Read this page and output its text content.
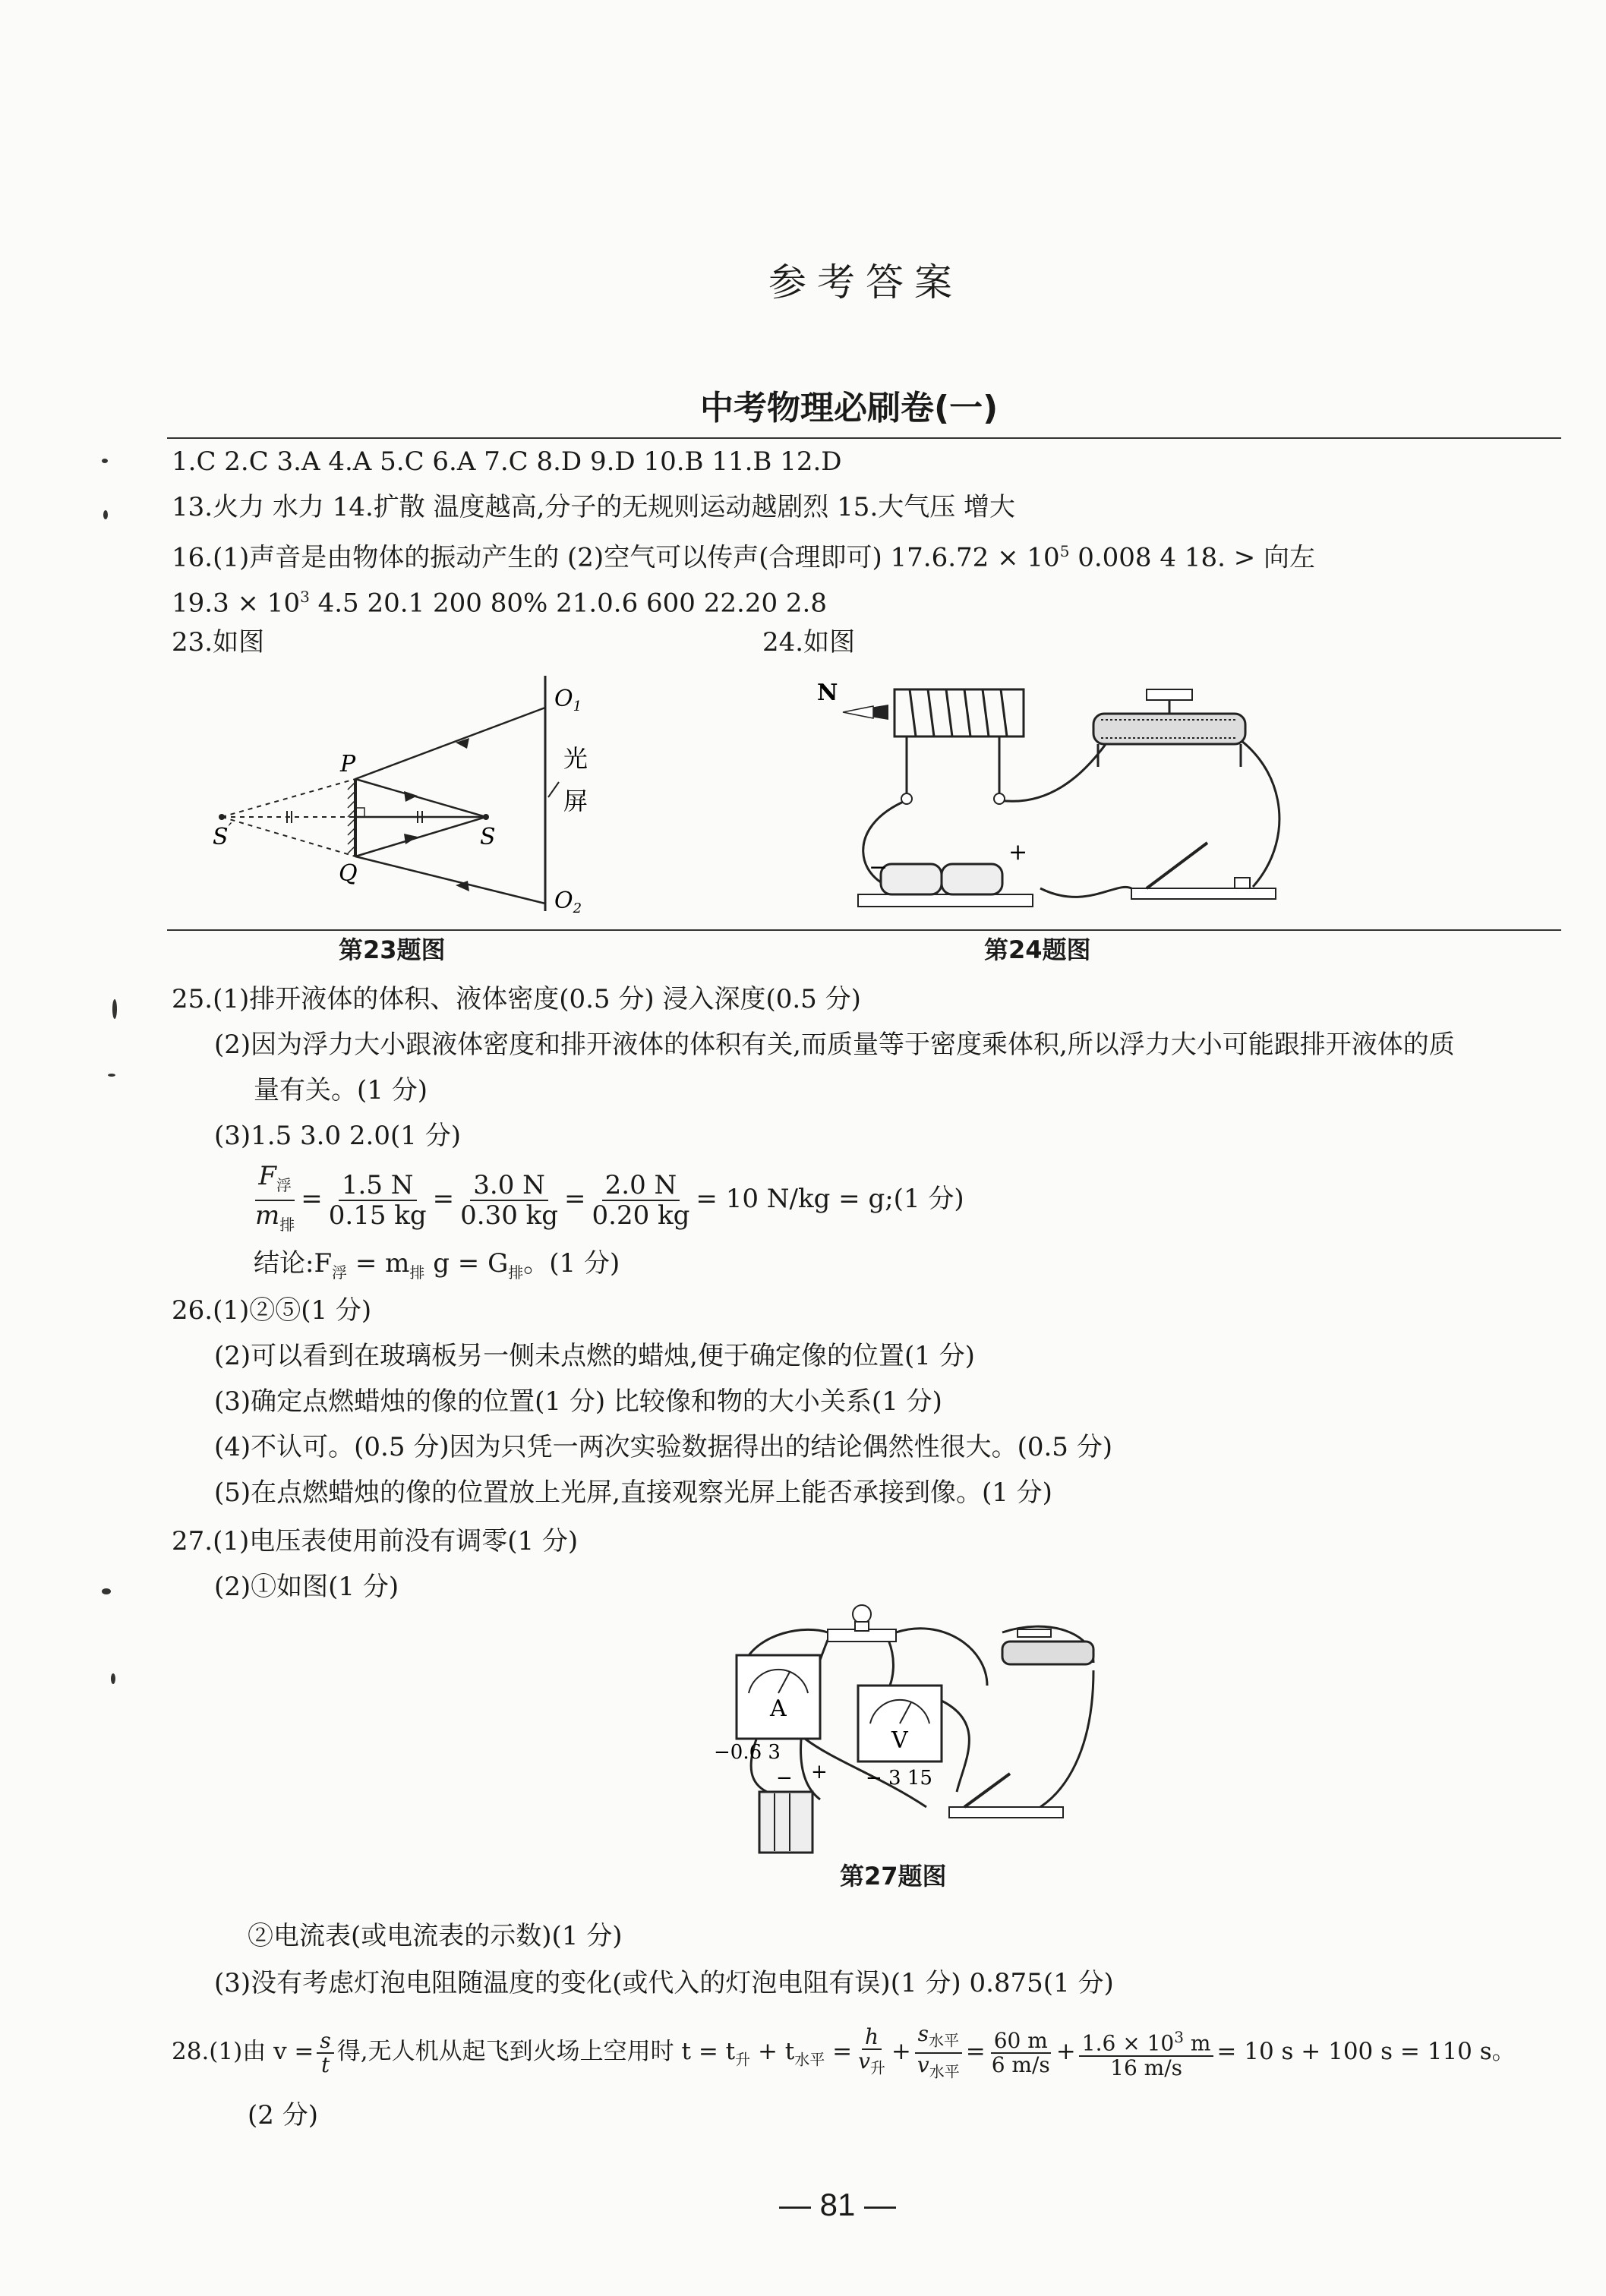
参考答案
中考物理必刷卷(一)
1.C 2.C 3.A 4.A 5.C 6.A 7.C 8.D 9.D 10.B 11.B 12.D
13.火力 水力 14.扩散 温度越高,分子的无规则运动越剧烈 15.大气压 增大
16.(1)声音是由物体的振动产生的 (2)空气可以传声(合理即可) $17.6.72 \times 10^5$ 0.008 4 18. > 向左
$19.3 \times 10^3$ 4.5 20.1 200 80% 21.0.6 600 22.20 2.8
23.如图	24.如图
$O_1$
$O_2$
P
Q
S′	S
光
屏
N
−
+
第23题图	第24题图
25.(1)排开液体的体积、液体密度(0.5 分) 浸入深度(0.5 分)
(2)因为浮力大小跟液体密度和排开液体的体积有关,而质量等于密度乘体积,所以浮力大小可能跟排开液体的质
量有关。(1 分)
(3)1.5 3.0 2.0(1 分)
$\frac{F_浮}{m_排} = \frac{1.5 N}{0.15 kg} = \frac{3.0 N}{0.30 kg} = \frac{2.0 N}{0.20 kg} = 10$ N/kg = g;(1 分)
结论$:F_浮 = m_排$ $g = G_排$。(1 分)
26.(1)②⑤(1 分)
(2)可以看到在玻璃板另一侧未点燃的蜡烛,便于确定像的位置(1 分)
(3)确定点燃蜡烛的像的位置(1 分) 比较像和物的大小关系(1 分)
(4)不认可。(0.5 分)因为只凭一两次实验数据得出的结论偶然性很大。(0.5 分)
(5)在点燃蜡烛的像的位置放上光屏,直接观察光屏上能否承接到像。(1 分)
27.(1)电压表使用前没有调零(1 分)
(2)①如图(1 分)
A
−0.6 3	V
− 3 15
− +
第27题图
②电流表(或电流表的示数)(1 分)
(3)没有考虑灯泡电阻随温度的变化(或代入的灯泡电阻有误)(1 分) 0.875(1 分)
28.(1)由 $v = \frac{s}{t}$ 得,无人机从起飞到火场上空用时 $t = t_升 + t_{水平} = \frac{h}{v_升} + \frac{s_{水平}}{v_{水平}} = \frac{60 m}{6 m/s} + \frac{1.6 \times 10^3 m}{16 m/s} = 10$ s + 100 s = 110 s。
(2 分)
— 81 —
